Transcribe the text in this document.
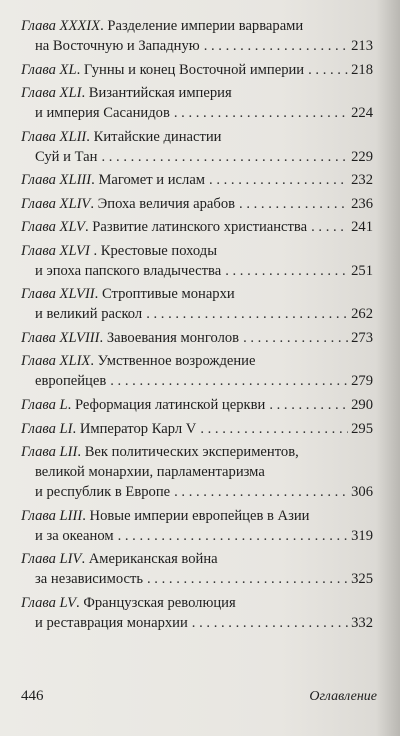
Глава XXXIX. Разделение империи варварами
на Восточную и Западную . . .	213
Глава XL. Гунны и конец Восточной империи . . .	218
Глава XLI. Византийская империя
и империя Сасанидов . . .	224
Глава XLII. Китайские династии
Суй и Тан . . .	229
Глава XLIII. Магомет и ислам . . .	232
Глава XLIV. Эпоха величия арабов . . .	236
Глава XLV. Развитие латинского христианства . . .	241
Глава XLVI . Крестовые походы
и эпоха папского владычества . . .	251
Глава XLVII. Строптивые монархи
и великий раскол . . .	262
Глава XLVIII. Завоевания монголов . . .	273
Глава XLIX. Умственное возрождение
европейцев . . .	279
Глава L. Реформация латинской церкви . . .	290
Глава LI. Император Карл V . . .	295
Глава LII. Век политических экспериментов,
великой монархии, парламентаризма
и республик в Европе . . .	306
Глава LIII. Новые империи европейцев в Азии
и за океаном . . .	319
Глава LIV. Американская война
за независимость . . .	325
Глава LV. Французская революция
и реставрация монархии . . .	332
446	Оглавление
